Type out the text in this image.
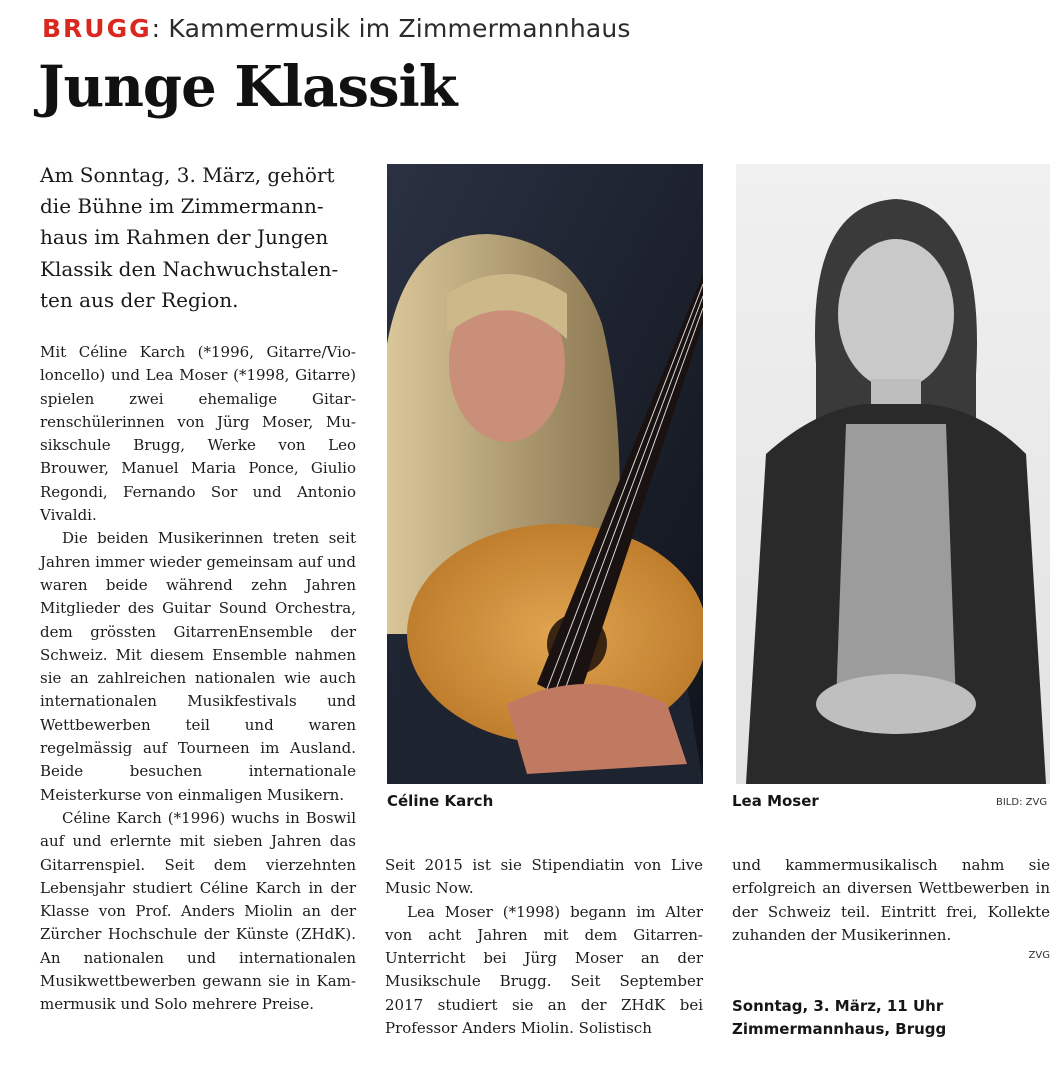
BRUGG: Kammermusik im Zimmermannhaus
Junge Klassik

Am Sonntag, 3. März, gehört die Bühne im Zimmermannhaus im Rahmen der Jungen Klassik den Nachwuchstalenten aus der Region.

Mit Céline Karch (*1996, Gitarre/Violoncello) und Lea Moser (*1998, Gitarre) spielen zwei ehemalige Gitarrenschülerinnen von Jürg Moser, Musikschule Brugg, Werke von Leo Brouwer, Manuel Maria Ponce, Giulio Regondi, Fernando Sor und Antonio Vivaldi.

Die beiden Musikerinnen treten seit Jahren immer wieder gemeinsam auf und waren beide während zehn Jahren Mitglieder des Guitar Sound Orchestra, dem grössten GitarrenEnsemble der Schweiz. Mit diesem Ensemble nahmen sie an zahlreichen nationalen wie auch internationalen Musikfestivals und Wettbewerben teil und waren regelmässig auf Tourneen im Ausland. Beide besuchen internationale Meisterkurse von einmaligen Musikern.

Céline Karch (*1996) wuchs in Boswil auf und erlernte mit sieben Jahren das Gitarrenspiel. Seit dem vierzehnten Lebensjahr studiert Céline Karch in der Klasse von Prof. Anders Miolin an der Zürcher Hochschule der Künste (ZHdK). An nationalen und internationalen Musikwettbewerben gewann sie in Kammermusik und Solo mehrere Preise.

Céline Karch	Lea Moser	BILD: ZVG

Seit 2015 ist sie Stipendiatin von Live Music Now.

Lea Moser (*1998) begann im Alter von acht Jahren mit dem GitarrenUnterricht bei Jürg Moser an der Musikschule Brugg. Seit September 2017 studiert sie an der ZHdK bei Professor Anders Miolin. Solistisch

und kammermusikalisch nahm sie erfolgreich an diversen Wettbewerben in der Schweiz teil. Eintritt frei, Kollekte zuhanden der Musikerinnen.

ZVG
Sonntag, 3. März, 11 Uhr
Zimmermannhaus, Brugg
